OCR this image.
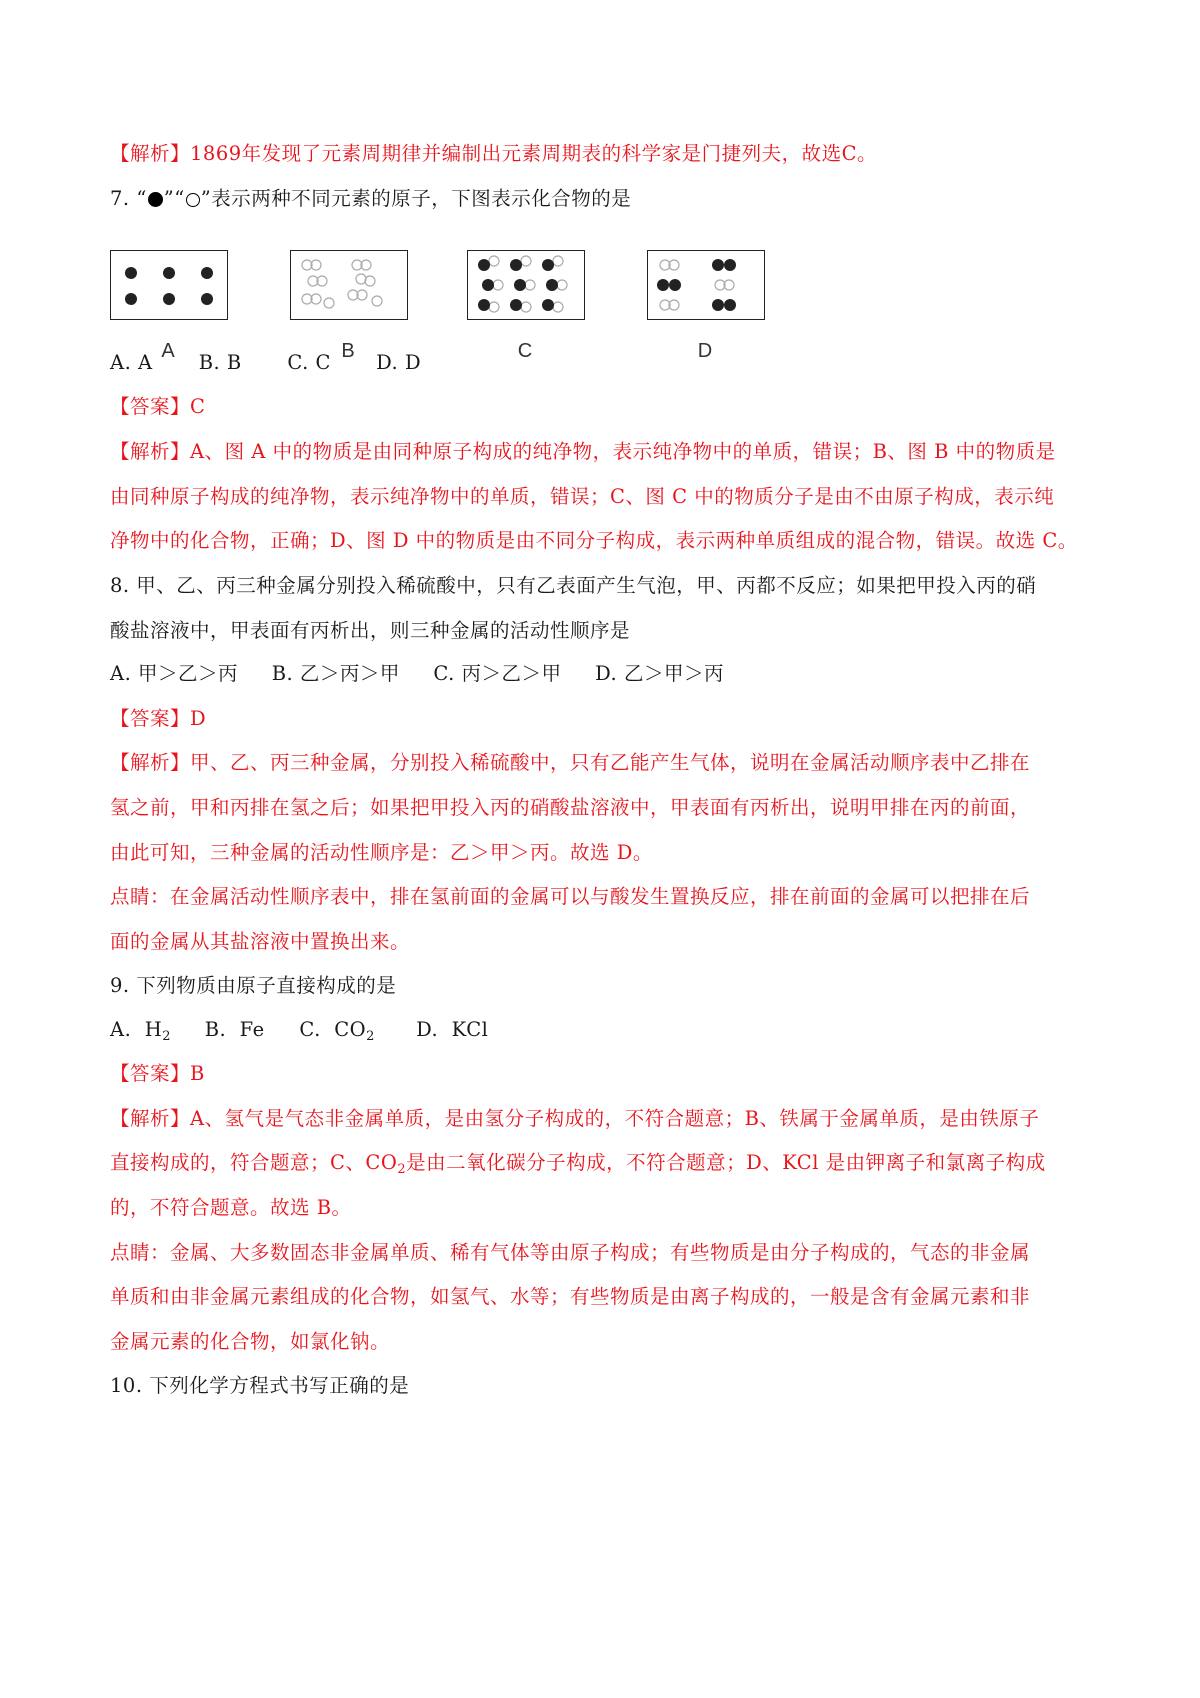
【解析】1869年发现了元素周期律并编制出元素周期表的科学家是门捷列夫，故选C。
7. “ ”“ ”表示两种不同元素的原子，下图表示化合物的是
A	B	C	D
A. A B. B C. C D. D
【答案】C
【解析】A、图 A 中的物质是由同种原子构成的纯净物，表示纯净物中的单质，错误；B、图 B 中的物质是
由同种原子构成的纯净物，表示纯净物中的单质，错误；C、图 C 中的物质分子是由不由原子构成，表示纯
净物中的化合物，正确；D、图 D 中的物质是由不同分子构成，表示两种单质组成的混合物，错误。故选 C。
8. 甲、乙、丙三种金属分别投入稀硫酸中，只有乙表面产生气泡，甲、丙都不反应；如果把甲投入丙的硝
酸盐溶液中，甲表面有丙析出，则三种金属的活动性顺序是
A. 甲＞乙＞丙 B. 乙＞丙＞甲 C. 丙＞乙＞甲 D. 乙＞甲＞丙
【答案】D
【解析】甲、乙、丙三种金属，分别投入稀硫酸中，只有乙能产生气体，说明在金属活动顺序表中乙排在
氢之前，甲和丙排在氢之后；如果把甲投入丙的硝酸盐溶液中，甲表面有丙析出，说明甲排在丙的前面，
由此可知，三种金属的活动性顺序是：乙＞甲＞丙。故选 D。
点睛：在金属活动性顺序表中，排在氢前面的金属可以与酸发生置换反应，排在前面的金属可以把排在后
面的金属从其盐溶液中置换出来。
9. 下列物质由原子直接构成的是
A. H2 B. Fe C. CO2 D. KCl
【答案】B
【解析】A、氢气是气态非金属单质，是由氢分子构成的，不符合题意；B、铁属于金属单质，是由铁原子
直接构成的，符合题意；C、$CO_2$是由二氧化碳分子构成，不符合题意；D、KCl 是由钾离子和氯离子构成
的，不符合题意。故选 B。
点睛：金属、大多数固态非金属单质、稀有气体等由原子构成；有些物质是由分子构成的，气态的非金属
单质和由非金属元素组成的化合物，如氢气、水等；有些物质是由离子构成的，一般是含有金属元素和非
金属元素的化合物，如氯化钠。
10. 下列化学方程式书写正确的是
